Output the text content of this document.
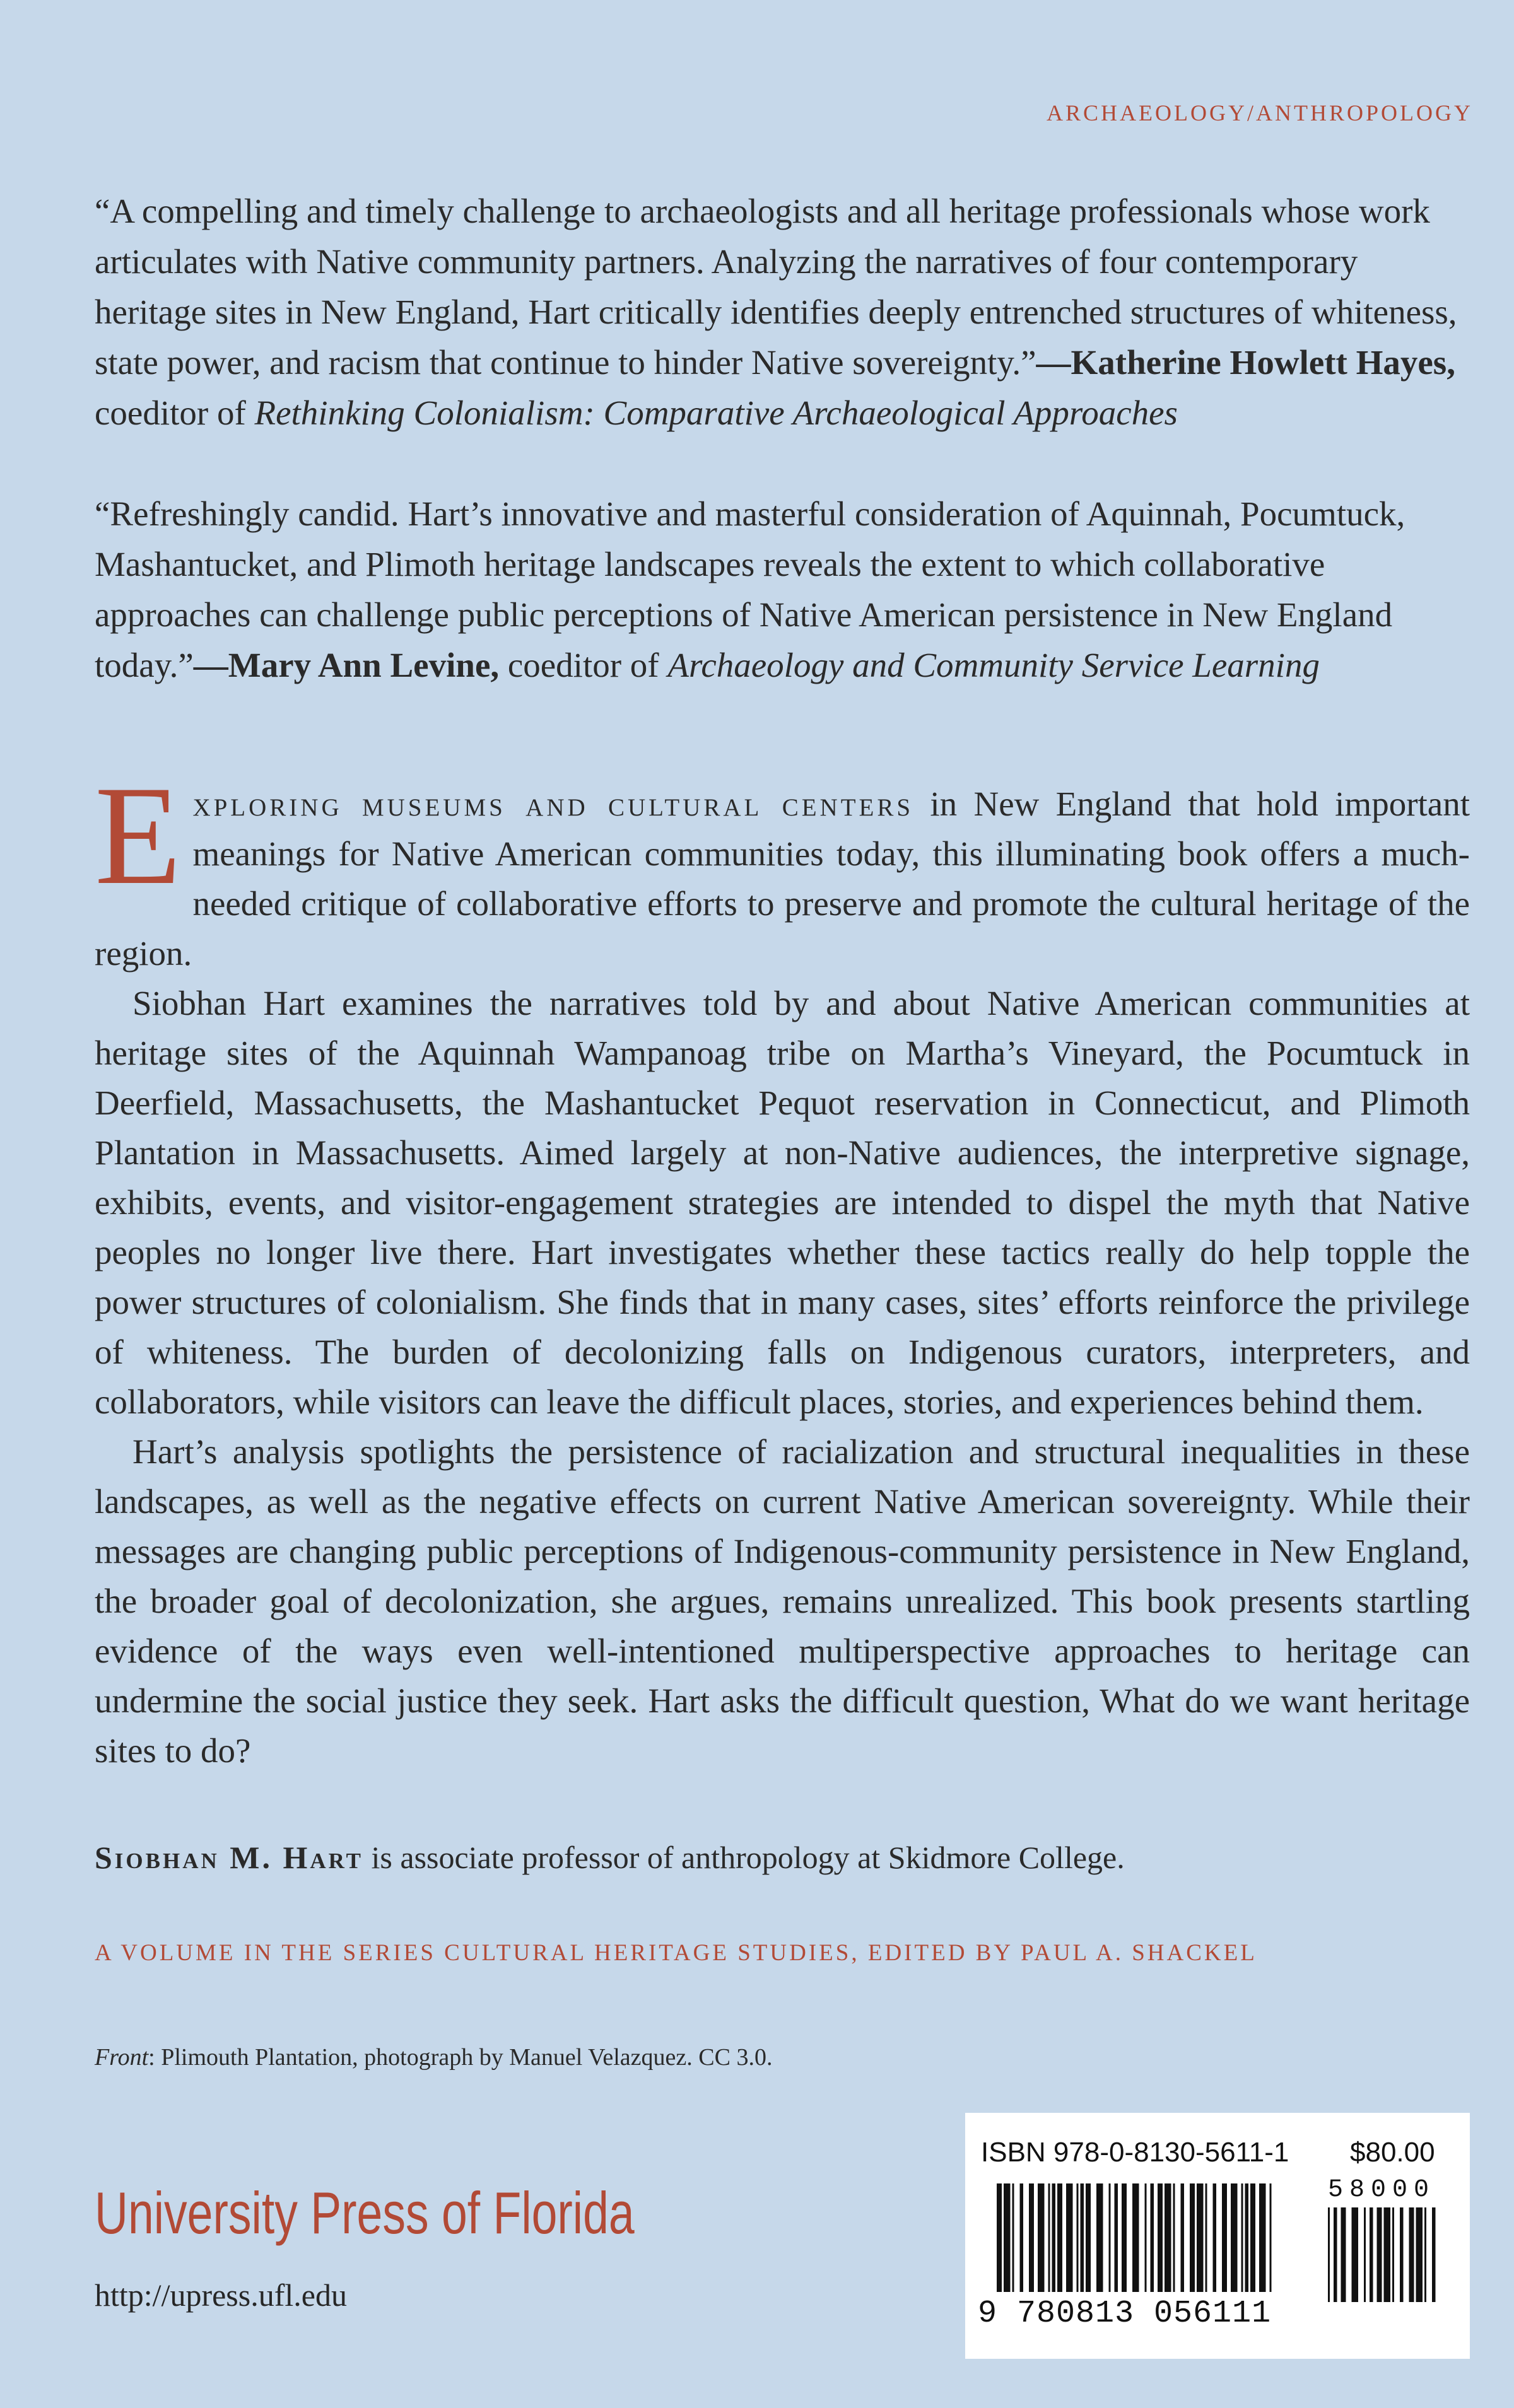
ARCHAEOLOGY/ANTHROPOLOGY

“A compelling and timely challenge to archaeologists and all heritage professionals whose work articulates with Native community partners. Analyzing the narratives of four contemporary heritage sites in New England, Hart critically identifies deeply entrenched structures of whiteness, state power, and racism that continue to hinder Native sovereignty.”—Katherine Howlett Hayes, coeditor of Rethinking Colonialism: Comparative Archaeological Approaches

“Refreshingly candid. Hart’s innovative and masterful consideration of Aquinnah, Pocumtuck, Mashantucket, and Plimoth heritage landscapes reveals the extent to which collaborative approaches can challenge public perceptions of Native American persistence in New England today.”—Mary Ann Levine, coeditor of Archaeology and Community Service Learning

Exploring museums and cultural centers in New England that hold important meanings for Native American communities today, this illuminating book offers a much-needed critique of collaborative efforts to preserve and promote the cultural heritage of the region.

Siobhan Hart examines the narratives told by and about Native American communities at heritage sites of the Aquinnah Wampanoag tribe on Martha’s Vineyard, the Pocumtuck in Deerfield, Massachusetts, the Mashantucket Pequot reservation in Connecticut, and Plimoth Plantation in Massachusetts. Aimed largely at non-Native audiences, the interpretive signage, exhibits, events, and visitor-engagement strategies are intended to dispel the myth that Native peoples no longer live there. Hart investigates whether these tactics really do help topple the power structures of colonialism. She finds that in many cases, sites’ efforts reinforce the privilege of whiteness. The burden of decolonizing falls on Indigenous curators, interpreters, and collaborators, while visitors can leave the difficult places, stories, and experiences behind them.

Hart’s analysis spotlights the persistence of racialization and structural inequalities in these landscapes, as well as the negative effects on current Native American sovereignty. While their messages are changing public perceptions of Indigenous-community persistence in New England, the broader goal of decolonization, she argues, remains unrealized. This book presents startling evidence of the ways even well-intentioned multiperspective approaches to heritage can undermine the social justice they seek. Hart asks the difficult question, What do we want heritage sites to do?

Siobhan M. Hart is associate professor of anthropology at Skidmore College.

A VOLUME IN THE SERIES CULTURAL HERITAGE STUDIES, EDITED BY PAUL A. SHACKEL

Front: Plimouth Plantation, photograph by Manuel Velazquez. CC 3.0.

University Press of Florida

http://upress.ufl.edu

ISBN 978-0-8130-5611-1 $80.00
58000
9 780813 056111
